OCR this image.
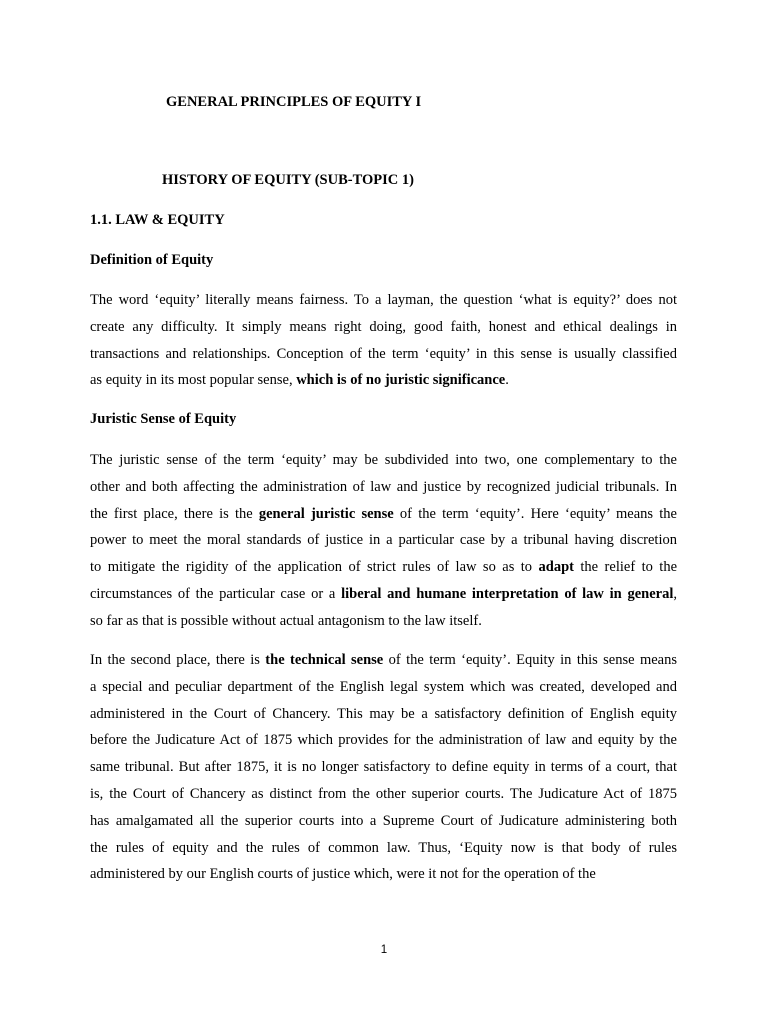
GENERAL PRINCIPLES OF EQUITY I
HISTORY OF EQUITY (SUB-TOPIC 1)
1.1. LAW & EQUITY
Definition of Equity
The word ‘equity’ literally means fairness. To a layman, the question ‘what is equity?’ does not
create any difficulty. It simply means right doing, good faith, honest and ethical dealings in
transactions and relationships. Conception of the term ‘equity’ in this sense is usually classified
as equity in its most popular sense, which is of no juristic significance.
Juristic Sense of Equity
The juristic sense of the term ‘equity’ may be subdivided into two, one complementary to the
other and both affecting the administration of law and justice by recognized judicial tribunals. In
the first place, there is the general juristic sense of the term ‘equity’. Here ‘equity’ means the
power to meet the moral standards of justice in a particular case by a tribunal having discretion
to mitigate the rigidity of the application of strict rules of law so as to adapt the relief to the
circumstances of the particular case or a liberal and humane interpretation of law in general,
so far as that is possible without actual antagonism to the law itself.
In the second place, there is the technical sense of the term ‘equity’. Equity in this sense means
a special and peculiar department of the English legal system which was created, developed and
administered in the Court of Chancery. This may be a satisfactory definition of English equity
before the Judicature Act of 1875 which provides for the administration of law and equity by the
same tribunal. But after 1875, it is no longer satisfactory to define equity in terms of a court, that
is, the Court of Chancery as distinct from the other superior courts. The Judicature Act of 1875
has amalgamated all the superior courts into a Supreme Court of Judicature administering both
the rules of equity and the rules of common law. Thus, ‘Equity now is that body of rules
administered by our English courts of justice which, were it not for the operation of the
1
